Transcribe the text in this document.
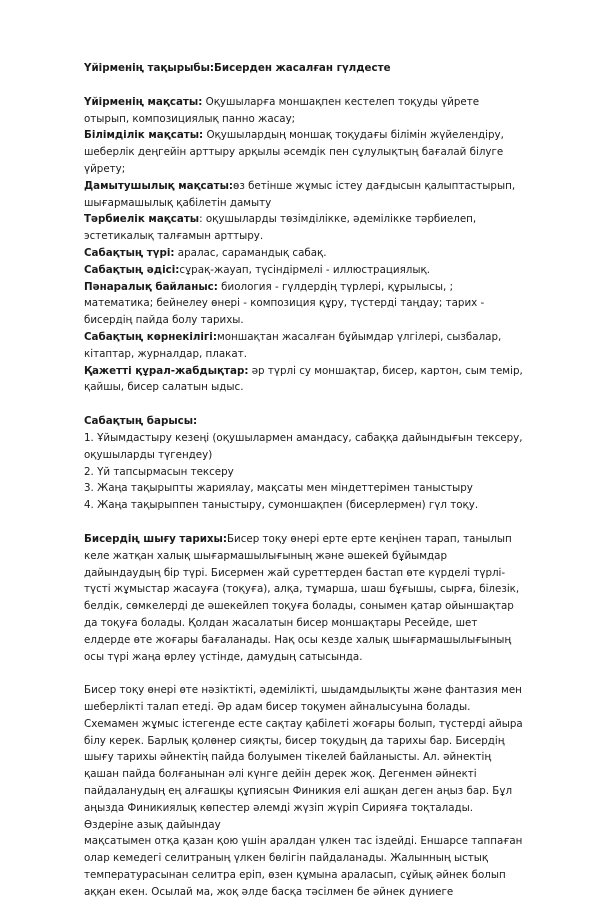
Үйірменің тақырыбы:Бисерден жасалған гүлдесте

Үйірменің мақсаты: Оқушыларға моншақпен кестелеп тоқуды үйрете отырып, композициялық панно жасау;

Білімділік мақсаты: Оқушылардың моншақ тоқудағы білімін жүйелендіру, шеберлік деңгейін арттыру арқылы әсемдік пен сұлулықтың бағалай білуге үйрету;

Дамытушылық мақсаты:өз бетінше жұмыс істеу дағдысын қалыптастырып, шығармашылық қабілетін дамыту

Тәрбиелік мақсаты: оқушыларды төзімділікке, әдемілікке тәрбиелеп, эстетикалық талғамын арттыру.

Сабақтың түрі: аралас, сарамандық сабақ.

Сабақтың әдісі:сұрақ-жауап, түсіндірмелі - иллюстрациялық.

Пәнаралық байланыс: биология - гүлдердің түрлері, құрылысы, ; математика; бейнелеу өнері - композиция құру, түстерді таңдау; тарих - бисердің пайда болу тарихы.

Сабақтың көрнекілігі:моншақтан жасалған бұйымдар үлгілері, сызбалар, кітаптар, журналдар, плакат.

Қажетті құрал-жабдықтар: әр түрлі су моншақтар, бисер, картон, сым темір, қайшы, бисер салатын ыдыс.

Сабақтың барысы:

1. Ұйымдастыру кезеңі (оқушылармен амандасу, сабаққа дайындығын тексеру, оқушыларды түгендеу)

2. Үй тапсырмасын тексеру

3. Жаңа тақырыпты жариялау, мақсаты мен міндеттерімен таныстыру

4. Жаңа тақырыппен таныстыру, сумоншақпен (бисерлермен) гүл тоқу.

Бисердің шығу тарихы:Бисер тоқу өнері ерте ерте кеңінен тарап, танылып келе жатқан халық шығармашылығының және әшекей бұйымдар дайындаудың бір түрі. Бисермен жай суреттерден бастап өте күрделі түрлі-түсті жұмыстар жасауға (тоқуға), алқа, тұмарша, шаш бұғышы, сырға, білезік, белдік, сөмкелерді де әшекейлеп тоқуға болады, сонымен қатар ойыншақтар да тоқуға болады. Қолдан жасалатын бисер моншақтары Ресейде, шет елдерде өте жоғары бағаланады. Нақ осы кезде халық шығармашылығының осы түрі жаңа өрлеу үстінде, дамудың сатысында.

Бисер тоқу өнері өте нәзіктікті, әдемілікті, шыдамдылықты және фантазия мен шеберлікті талап етеді. Әр адам бисер тоқумен айналысуына болады. Схемамен жұмыс істегенде есте сақтау қабілеті жоғары болып, түстерді айыра білу керек. Барлық қолөнер сияқты, бисер тоқудың да тарихы бар. Бисердің шығу тарихы әйнектің пайда болуымен тікелей байланысты. Ал. әйнектің қашан пайда болғанынан әлі күнге дейін дерек жоқ. Дегенмен әйнекті пайдаланудың ең алғашқы құпиясын Финикия елі ашқан деген аңыз бар. Бұл аңызда Финикиялық көпестер әлемді жүзіп жүріп Сирияға тоқталады. Өздеріне азық дайындау

мақсатымен отқа қазан қою үшін аралдан үлкен тас іздейді. Еншарсе таппаған олар кемедегі селитраның үлкен бөлігін пайдаланады. Жалынның ыстық температурасынан селитра еріп, өзен құмына араласып, сұйық әйнек болып аққан екен. Осылай ма, жоқ әлде басқа тәсілмен бе әйнек дүниеге
